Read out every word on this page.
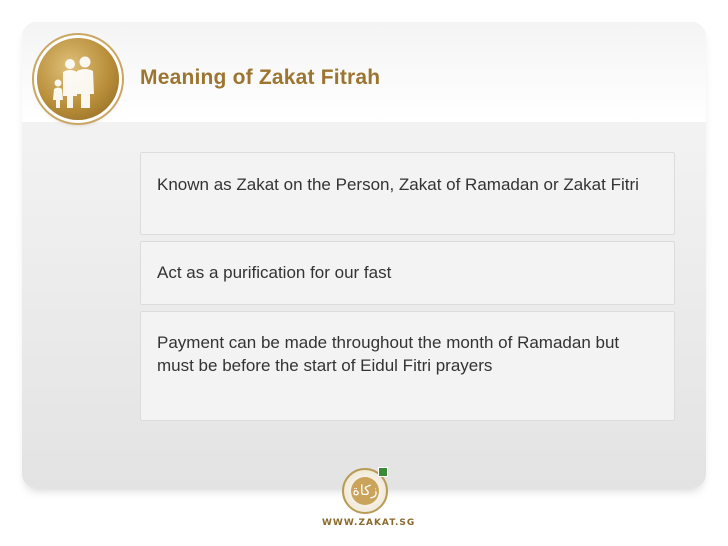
Meaning of Zakat Fitrah
Known as Zakat on the Person, Zakat of Ramadan or Zakat Fitri
Act as a purification for our fast
Payment can be made throughout the month of Ramadan but must be before the start of Eidul Fitri prayers
زكاة
WWW.ZAKAT.SG
